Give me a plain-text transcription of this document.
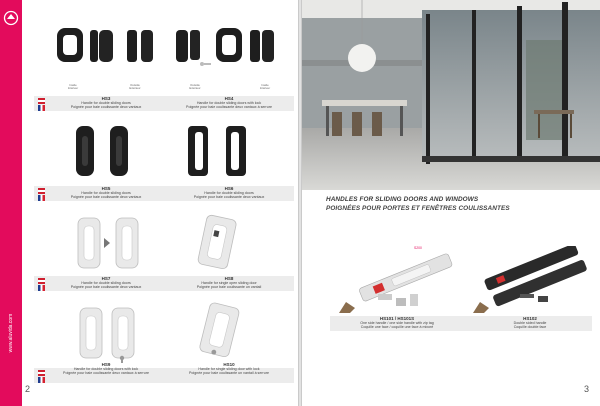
www.aluvida.com
Inside
Intérieur
Outside
Extérieur
Outside
Extérieur
Inside
Intérieur
HS3
Handle for double sliding doors
Poignée pour baie coulissante deux vantaux
HS4
Handle for double sliding doors with lock
Poignée pour baie coulissante deux vantaux à serrure
HS5
Handle for double sliding doors
Poignée pour baie coulissante deux vantaux
HS6
Handle for double sliding doors
Poignée pour baie coulissante deux vantaux
HS7
Handle for double sliding doors
Poignée pour baie coulissante deux vantaux
HS8
Handle for single open sliding door
Poignée pour baie coulissante un vantail
HS9
Handle for double sliding doors with lock
Poignée pour baie coulissante deux vantaux à serrure
HS10
Handle for single sliding door with lock
Poignée pour baie coulissante un vantail à serrure
2
HANDLES FOR SLIDING DOORS AND WINDOWS
POIGNÉES POUR PORTES ET FENÊTRES COULISSANTES
S200
HS101 / HS101S
One side handle / one side handle with zip tag
Coquille une face / coquille une face à mixoré
HS102
Double sided handle
Coquille double face
3
